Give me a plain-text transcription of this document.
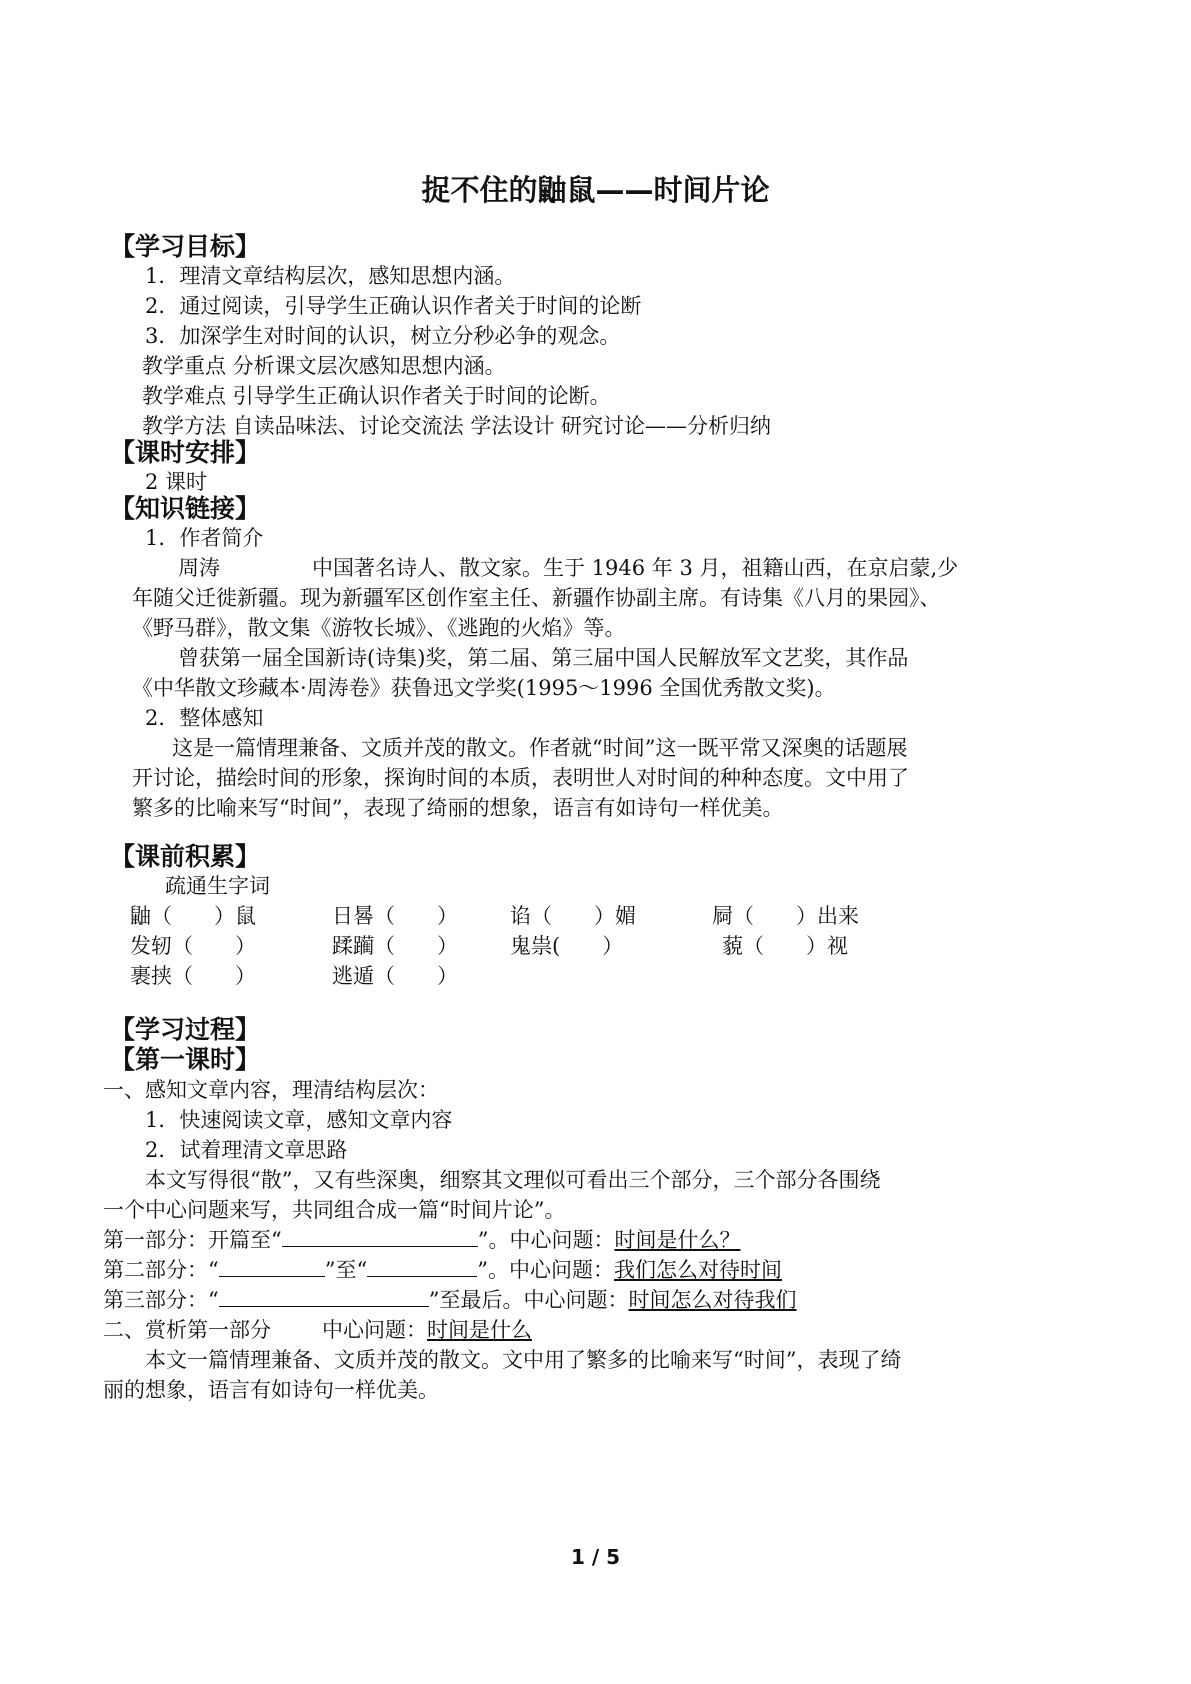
捉不住的鼬鼠——时间片论
【学习目标】
1．理清文章结构层次，感知思想内涵。
2．通过阅读，引导学生正确认识作者关于时间的论断
3．加深学生对时间的认识，树立分秒必争的观念。
教学重点 分析课文层次感知思想内涵。
教学难点 引导学生正确认识作者关于时间的论断。
教学方法 自读品味法、讨论交流法 学法设计 研究讨论——分析归纳
【课时安排】
2 课时
【知识链接】
1．作者简介
周涛	中国著名诗人、散文家。生于 1946 年 3 月，祖籍山西，在京启蒙,少
年随父迁徙新疆。现为新疆军区创作室主任、新疆作协副主席。有诗集《八月的果园》、
《野马群》，散文集《游牧长城》、《逃跑的火焰》等。
曾获第一届全国新诗(诗集)奖，第二届、第三届中国人民解放军文艺奖，其作品
《中华散文珍藏本·周涛卷》获鲁迅文学奖(1995～1996 全国优秀散文奖)。
2．整体感知
这是一篇情理兼备、文质并茂的散文。作者就“时间”这一既平常又深奥的话题展
开讨论，描绘时间的形象，探询时间的本质，表明世人对时间的种种态度。文中用了
繁多的比喻来写“时间”，表现了绮丽的想象，语言有如诗句一样优美。
【课前积累】
疏通生字词
鼬（　　）鼠	日晷（　　） 谄（　　）媚	屙（　　）出来
发轫（　　）	蹂躏（　　） 鬼祟(　　）	藐（　　）视
裹挟（　　）	逃遁（　　）
【学习过程】
【第一课时】
一、感知文章内容，理清结构层次：
1．快速阅读文章，感知文章内容
2．试着理清文章思路
本文写得很“散”，又有些深奥，细察其文理似可看出三个部分，三个部分各围绕
一个中心问题来写，共同组合成一篇“时间片论”。
第一部分：开篇至“	”。中心问题：时间是什么？
第二部分：“	”至“	”。中心问题：我们怎么对待时间
第三部分：“	”至最后。中心问题：时间怎么对待我们
二、赏析第一部分 中心问题：时间是什么
本文一篇情理兼备、文质并茂的散文。文中用了繁多的比喻来写“时间”，表现了绮
丽的想象，语言有如诗句一样优美。
1 / 5
